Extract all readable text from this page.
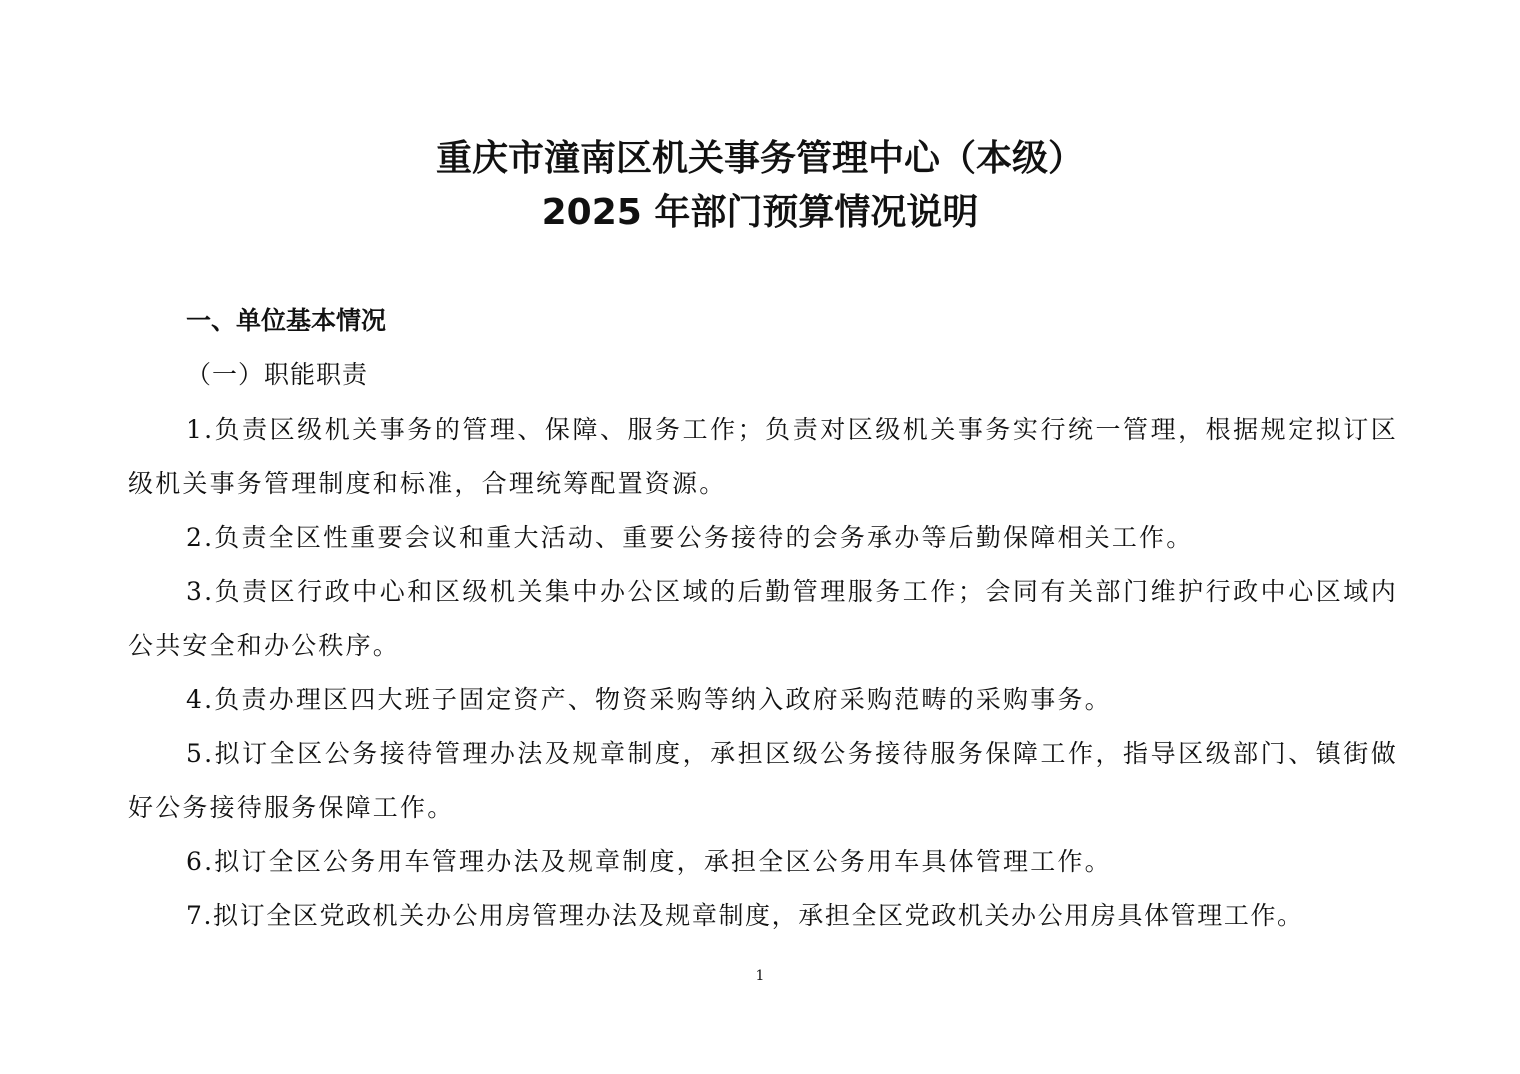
重庆市潼南区机关事务管理中心（本级）
2025 年部门预算情况说明
一、单位基本情况
（一）职能职责
1.负责区级机关事务的管理、保障、服务工作；负责对区级机关事务实行统一管理，根据规定拟订区级机关事务管理制度和标准，合理统筹配置资源。
2.负责全区性重要会议和重大活动、重要公务接待的会务承办等后勤保障相关工作。
3.负责区行政中心和区级机关集中办公区域的后勤管理服务工作；会同有关部门维护行政中心区域内公共安全和办公秩序。
4.负责办理区四大班子固定资产、物资采购等纳入政府采购范畴的采购事务。
5.拟订全区公务接待管理办法及规章制度，承担区级公务接待服务保障工作，指导区级部门、镇街做好公务接待服务保障工作。
6.拟订全区公务用车管理办法及规章制度，承担全区公务用车具体管理工作。
7.拟订全区党政机关办公用房管理办法及规章制度，承担全区党政机关办公用房具体管理工作。
1
